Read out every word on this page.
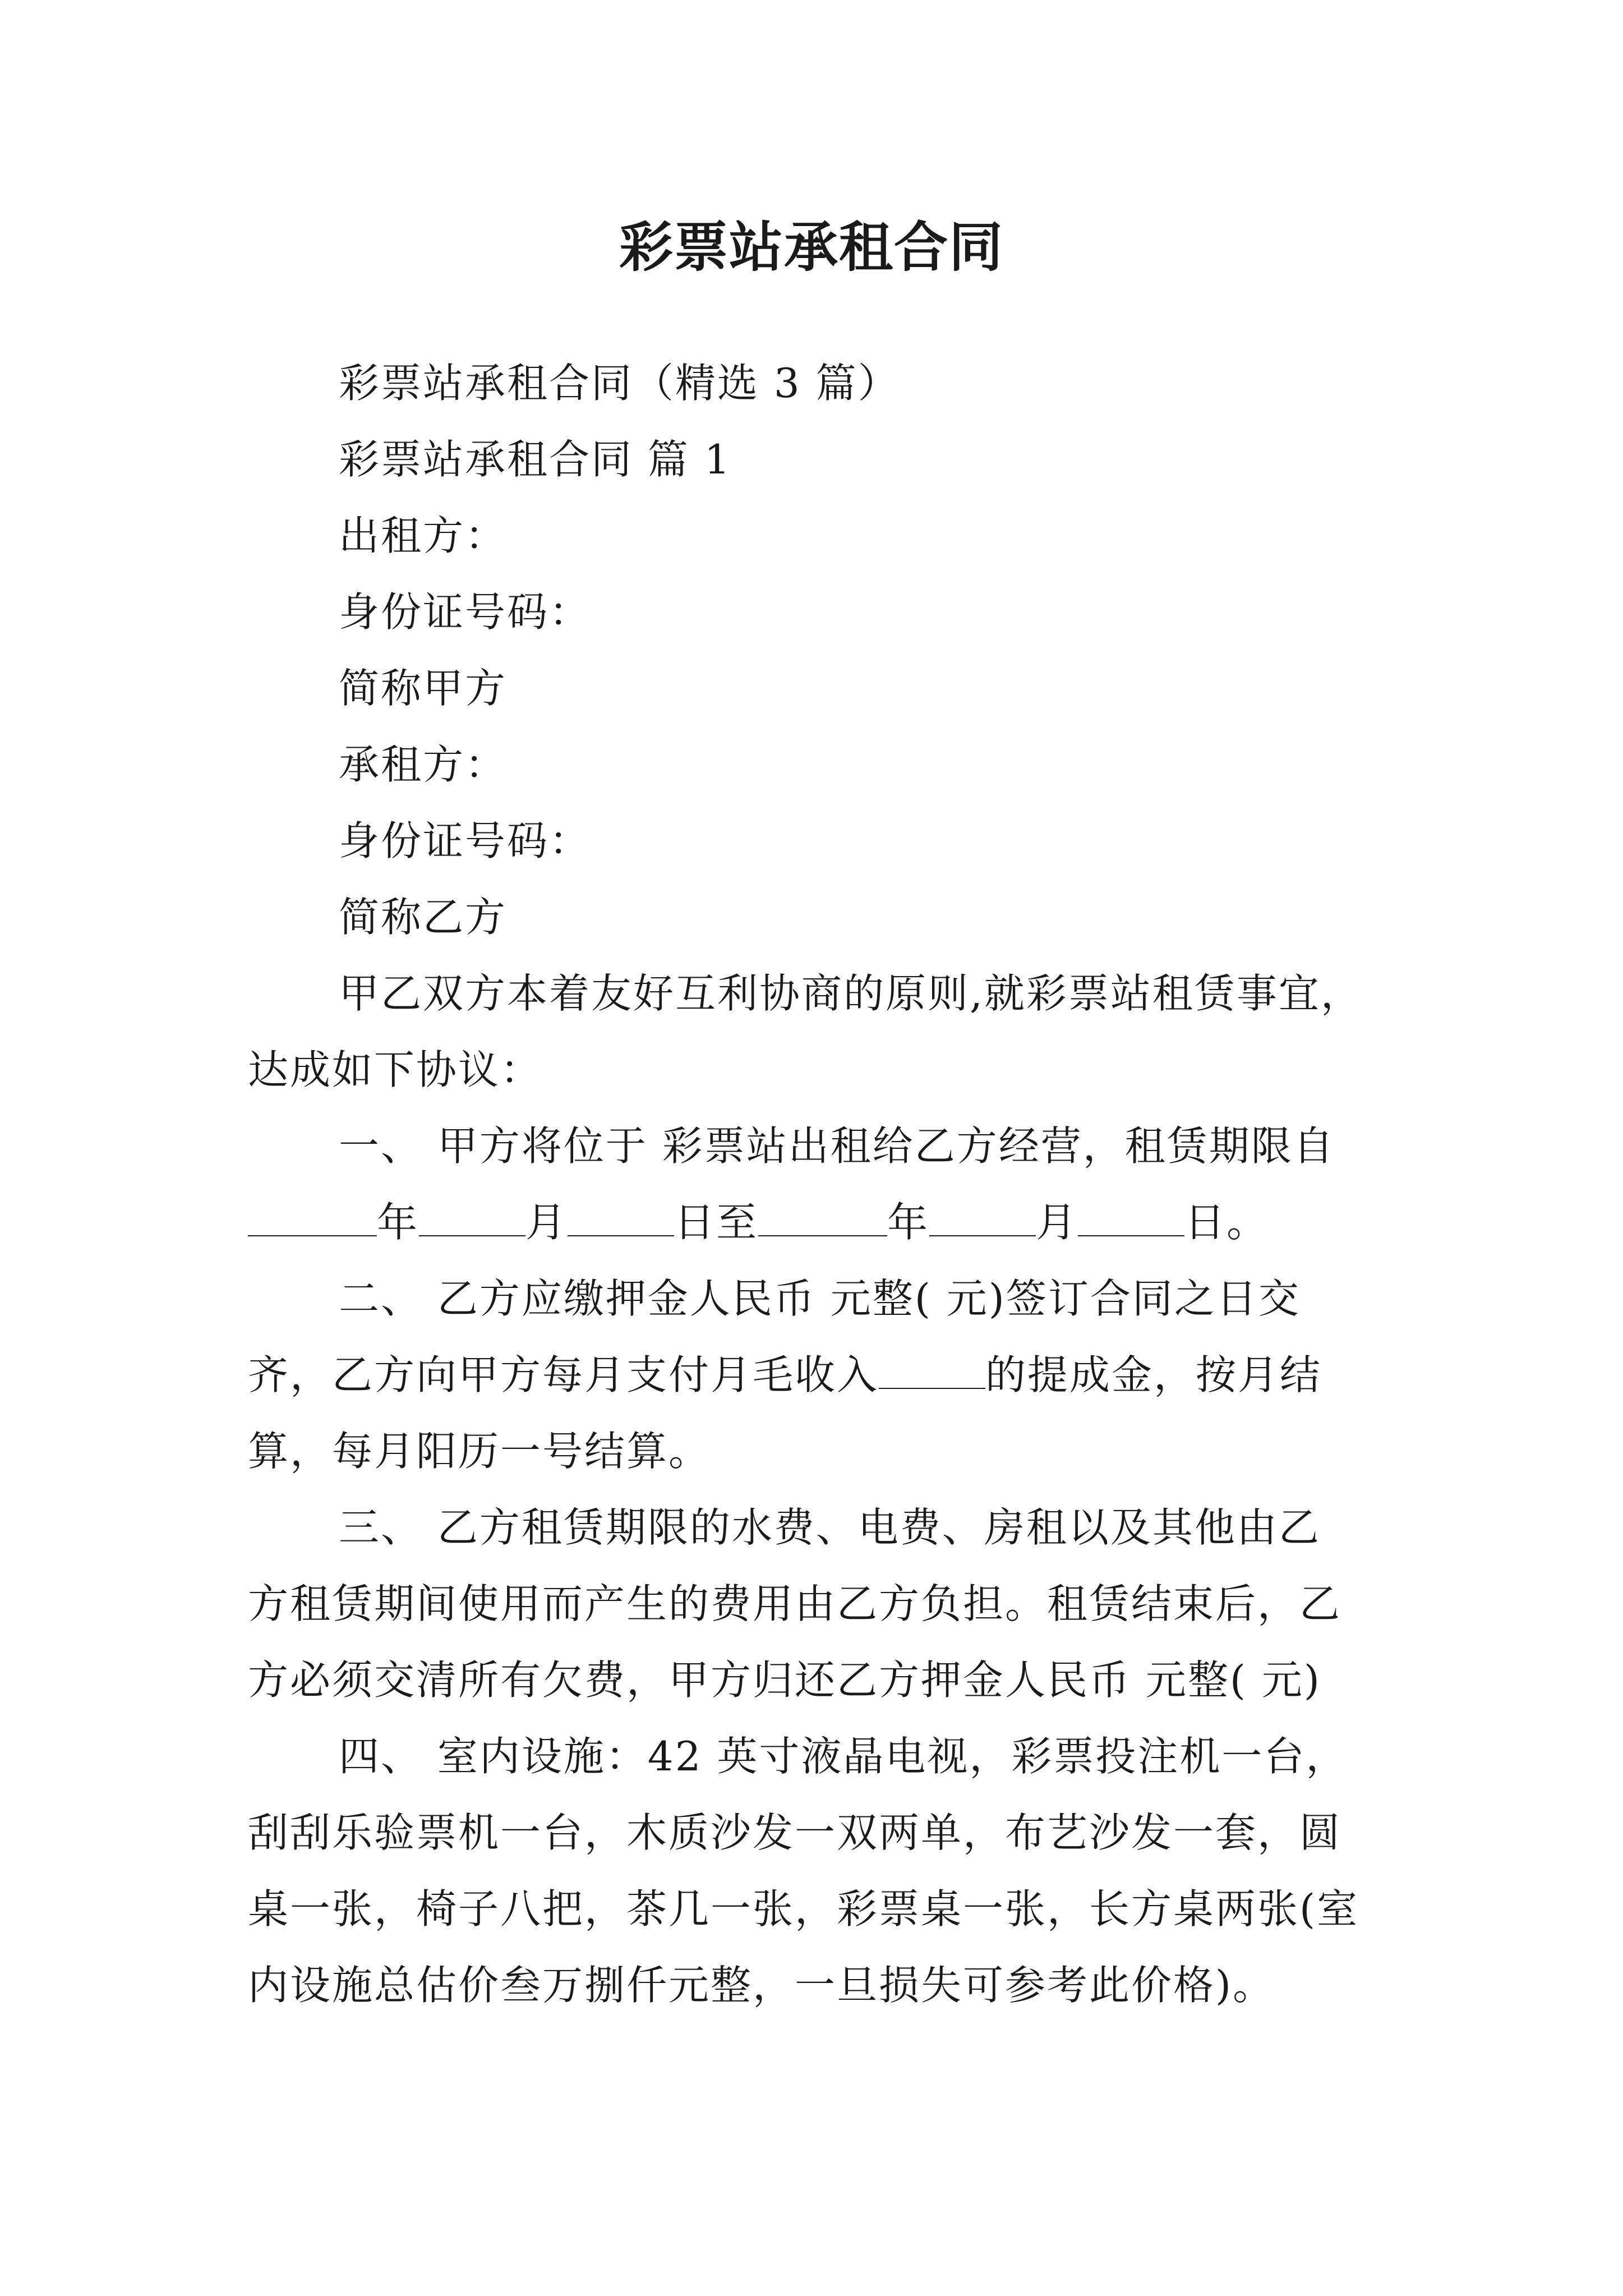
彩票站承租合同
彩票站承租合同（精选 3 篇）
彩票站承租合同 篇 1
出租方：
身份证号码：
简称甲方
承租方：
身份证号码：
简称乙方
甲乙双方本着友好互利协商的原则,就彩票站租赁事宜，
达成如下协议：
一、 甲方将位于 彩票站出租给乙方经营，租赁期限自
年	月	日至	年	月	日。
二、 乙方应缴押金人民币 元整( 元)签订合同之日交
齐，乙方向甲方每月支付月毛收入	的提成金，按月结
算，每月阳历一号结算。
三、 乙方租赁期限的水费、电费、房租以及其他由乙
方租赁期间使用而产生的费用由乙方负担。租赁结束后，乙
方必须交清所有欠费，甲方归还乙方押金人民币 元整( 元)
四、 室内设施：42 英寸液晶电视，彩票投注机一台，
刮刮乐验票机一台，木质沙发一双两单，布艺沙发一套，圆
桌一张，椅子八把，茶几一张，彩票桌一张，长方桌两张(室
内设施总估价叁万捌仟元整，一旦损失可参考此价格)。
